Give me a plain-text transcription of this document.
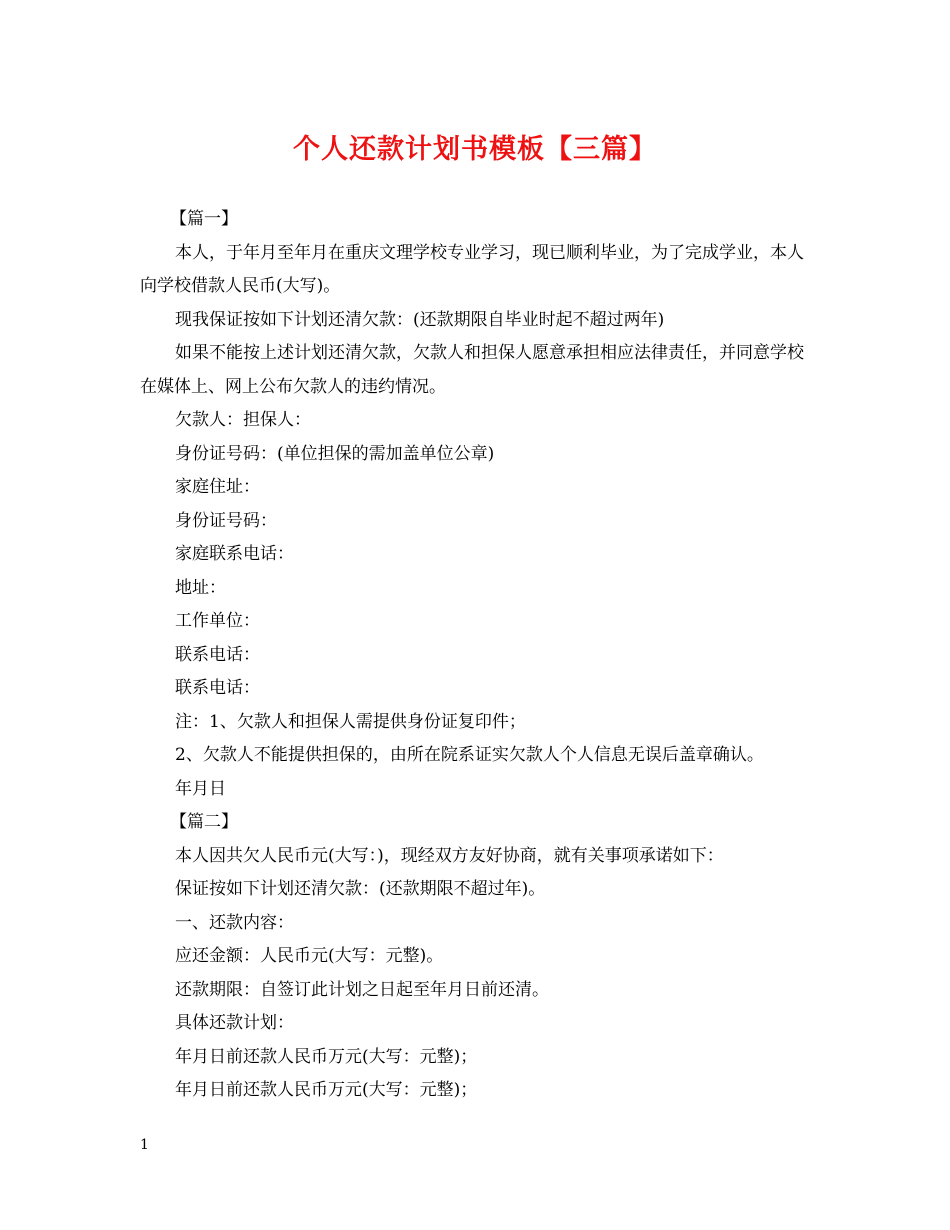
个人还款计划书模板【三篇】

【篇一】

本人，于年月至年月在重庆文理学校专业学习，现已顺利毕业，为了完成学业，本人向学校借款人民币(大写)。

现我保证按如下计划还清欠款：(还款期限自毕业时起不超过两年)

如果不能按上述计划还清欠款，欠款人和担保人愿意承担相应法律责任，并同意学校在媒体上、网上公布欠款人的违约情况。

欠款人：担保人：

身份证号码：(单位担保的需加盖单位公章)

家庭住址：

身份证号码：

家庭联系电话：

地址：

工作单位：

联系电话：

联系电话：

注：1、欠款人和担保人需提供身份证复印件；

2、欠款人不能提供担保的，由所在院系证实欠款人个人信息无误后盖章确认。

年月日

【篇二】

本人因共欠人民币元(大写：)，现经双方友好协商，就有关事项承诺如下：

保证按如下计划还清欠款：(还款期限不超过年)。

一、还款内容：

应还金额：人民币元(大写：元整)。

还款期限：自签订此计划之日起至年月日前还清。

具体还款计划：

年月日前还款人民币万元(大写：元整)；

年月日前还款人民币万元(大写：元整)；

1
